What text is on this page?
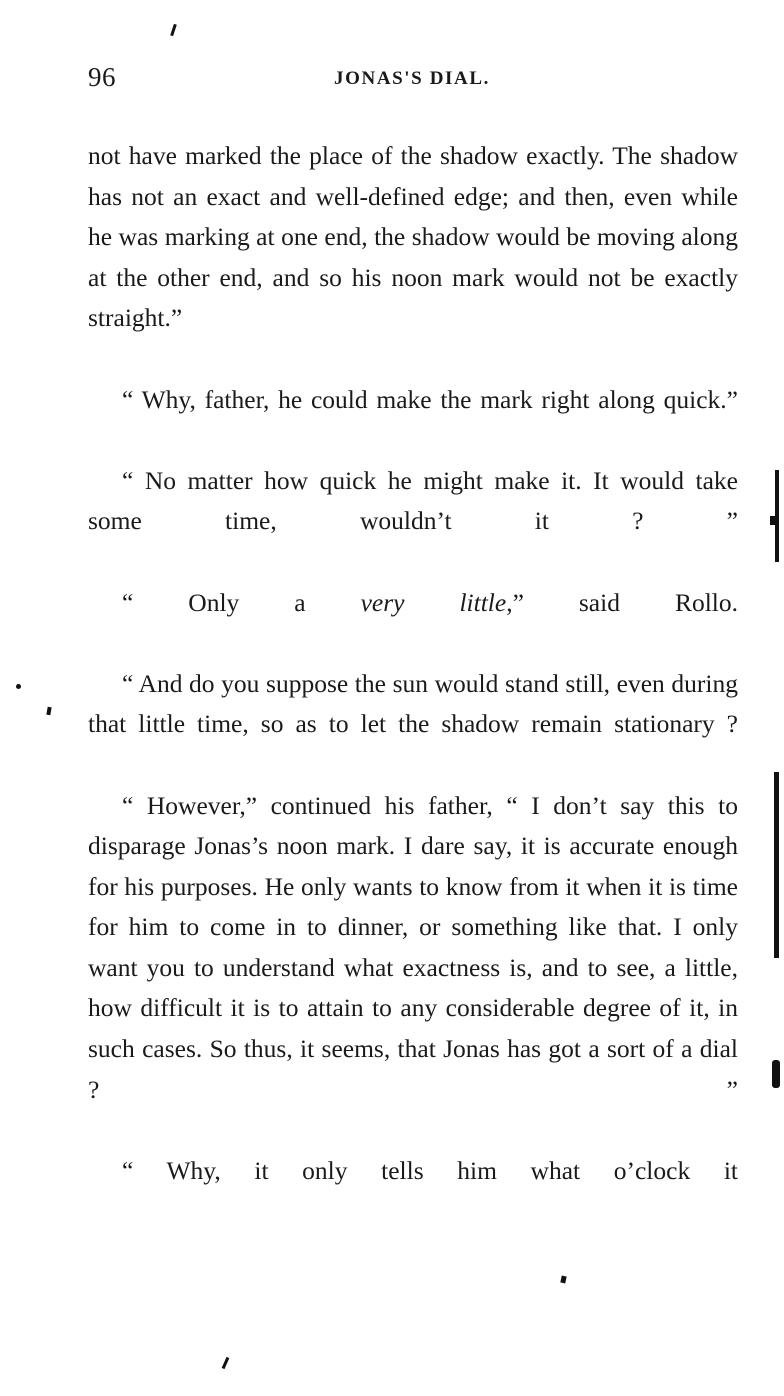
96	JONAS'S DIAL.

not have marked the place of the shadow exactly. The shadow has not an exact and well-defined edge; and then, even while he was marking at one end, the shadow would be moving along at the other end, and so his noon mark would not be exactly straight.”

“ Why, father, he could make the mark right along quick.”

“ No matter how quick he might make it. It would take some time, wouldn’t it ? ”

“ Only a very little,” said Rollo.

“ And do you suppose the sun would stand still, even during that little time, so as to let the shadow remain stationary ?

“ However,” continued his father, “ I don’t say this to disparage Jonas’s noon mark. I dare say, it is accurate enough for his purposes. He only wants to know from it when it is time for him to come in to dinner, or something like that. I only want you to understand what exactness is, and to see, a little, how difficult it is to attain to any considerable degree of it, in such cases. So thus, it seems, that Jonas has got a sort of a dial ? ”

“ Why, it only tells him what o’clock it
